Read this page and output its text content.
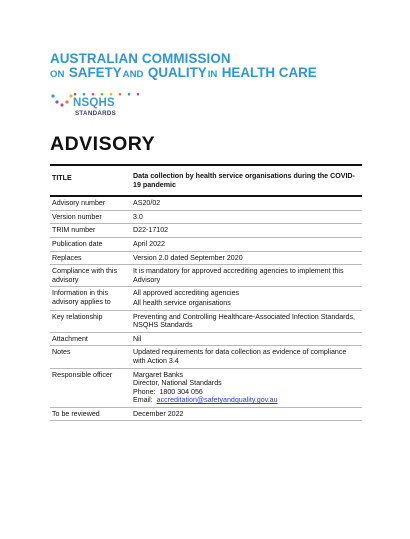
AUSTRALIAN COMMISSION
ON SAFETYAND QUALITYIN HEALTH CARE
NSQHS
STANDARDS
ADVISORY
TITLE	Data collection by health service organisations during the COVID-19 pandemic
Advisory number	AS20/02
Version number	3.0
TRIM number	D22-17102
Publication date	April 2022
Replaces	Version 2.0 dated September 2020
Compliance with this advisory	It is mandatory for approved accrediting agencies to implement this Advisory
Information in this advisory applies to	All approved accrediting agencies
All health service organisations

Key relationship	Preventing and Controlling Healthcare-Associated Infection Standards, NSQHS Standards
Attachment	Nil
Notes	Updated requirements for data collection as evidence of compliance with Action 3.4
Responsible officer	Margaret Banks
Director, National Standards
Phone: 1800 304 056
Email: accreditation@safetyandquality.gov.au

To be reviewed	December 2022
